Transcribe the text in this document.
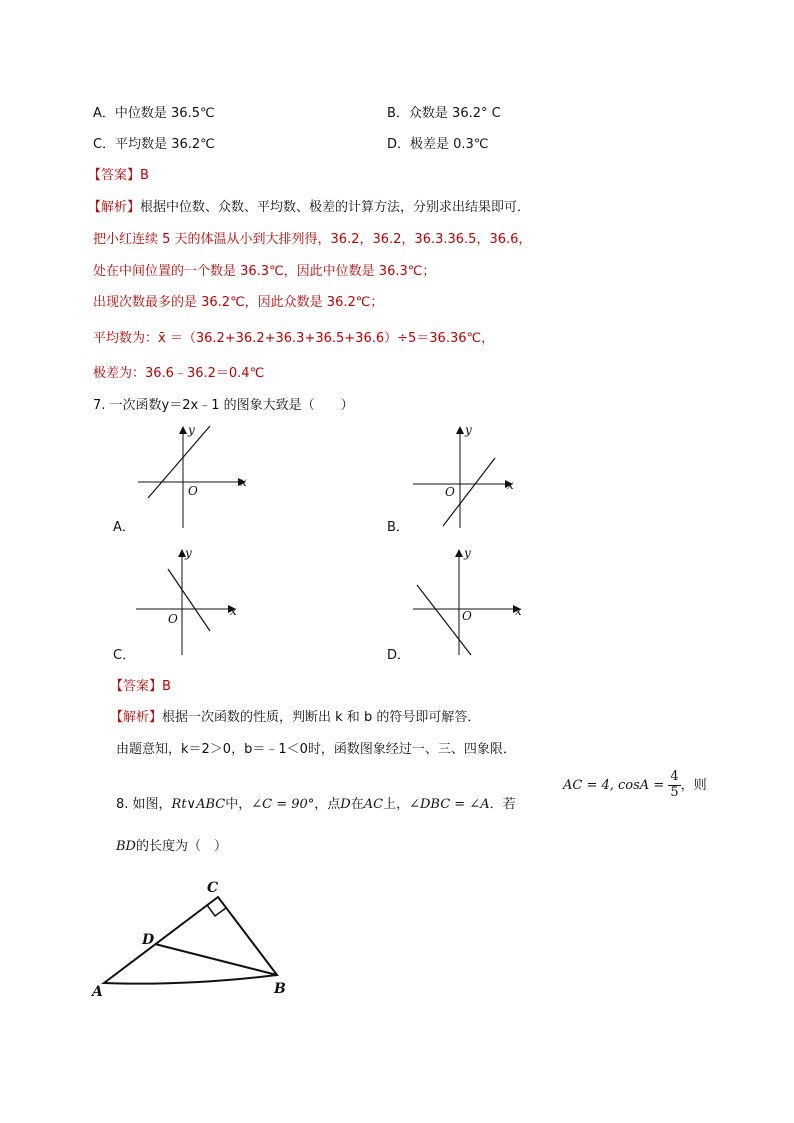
A．中位数是 36.5℃	B．众数是 36.2° C
C．平均数是 36.2℃	D．极差是 0.3℃
【答案】B
【解析】根据中位数、众数、平均数、极差的计算方法，分别求出结果即可．
把小红连续 5 天的体温从小到大排列得，36.2，36.2，36.3.36.5，36.6，
处在中间位置的一个数是 36.3℃，因此中位数是 36.3℃；
出现次数最多的是 36.2℃，因此众数是 36.2℃；
平均数为：x̄ ＝（36.2+36.2+36.3+36.5+36.6）÷5＝36.36℃，
极差为：36.6﹣36.2＝0.4℃
7. 一次函数y＝2x﹣1 的图象大致是（　　）
y
x
O
A．
y
x
O
B．
y
x
O
C．
y
x
O
D．
【答案】B
【解析】根据一次函数的性质，判断出 k 和 b 的符号即可解答．
由题意知，k＝2＞0，b＝﹣1＜0时，函数图象经过一、三、四象限．
8. 如图，Rt∨ABC中，∠C = 90°，点D在AC上，∠DBC = ∠A．若
AC = 4, $\cos A = \frac{4}{5}$ ，则
BD的长度为（　）
C
D
A	B
